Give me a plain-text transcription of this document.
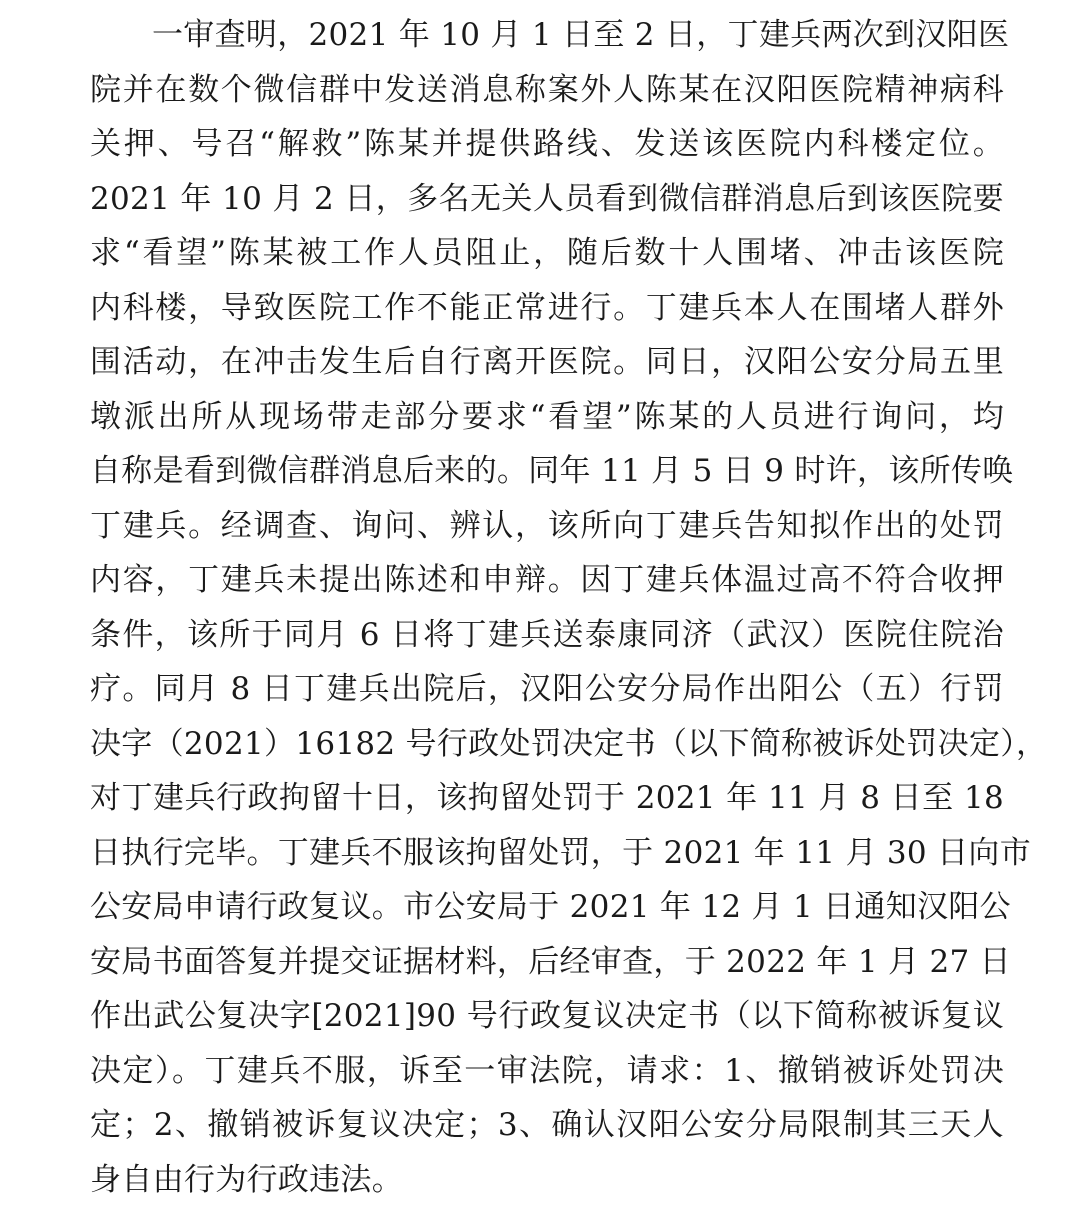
一审查明，2021 年 10 月 1 日至 2 日，丁建兵两次到汉阳医
院并在数个微信群中发送消息称案外人陈某在汉阳医院精神病科
关押、号召“解救”陈某并提供路线、发送该医院内科楼定位。
2021 年 10 月 2 日，多名无关人员看到微信群消息后到该医院要
求“看望”陈某被工作人员阻止，随后数十人围堵、冲击该医院
内科楼，导致医院工作不能正常进行。丁建兵本人在围堵人群外
围活动，在冲击发生后自行离开医院。同日，汉阳公安分局五里
墩派出所从现场带走部分要求“看望”陈某的人员进行询问，均
自称是看到微信群消息后来的。同年 11 月 5 日 9 时许，该所传唤
丁建兵。经调查、询问、辨认，该所向丁建兵告知拟作出的处罚
内容，丁建兵未提出陈述和申辩。因丁建兵体温过高不符合收押
条件，该所于同月 6 日将丁建兵送泰康同济（武汉）医院住院治
疗。同月 8 日丁建兵出院后，汉阳公安分局作出阳公（五）行罚
决字（2021）16182 号行政处罚决定书（以下简称被诉处罚决定），
对丁建兵行政拘留十日，该拘留处罚于 2021 年 11 月 8 日至 18
日执行完毕。丁建兵不服该拘留处罚，于 2021 年 11 月 30 日向市
公安局申请行政复议。市公安局于 2021 年 12 月 1 日通知汉阳公
安局书面答复并提交证据材料，后经审查，于 2022 年 1 月 27 日
作出武公复决字[2021]90 号行政复议决定书（以下简称被诉复议
决定）。丁建兵不服，诉至一审法院，请求：1、撤销被诉处罚决
定；2、撤销被诉复议决定；3、确认汉阳公安分局限制其三天人
身自由行为行政违法。
